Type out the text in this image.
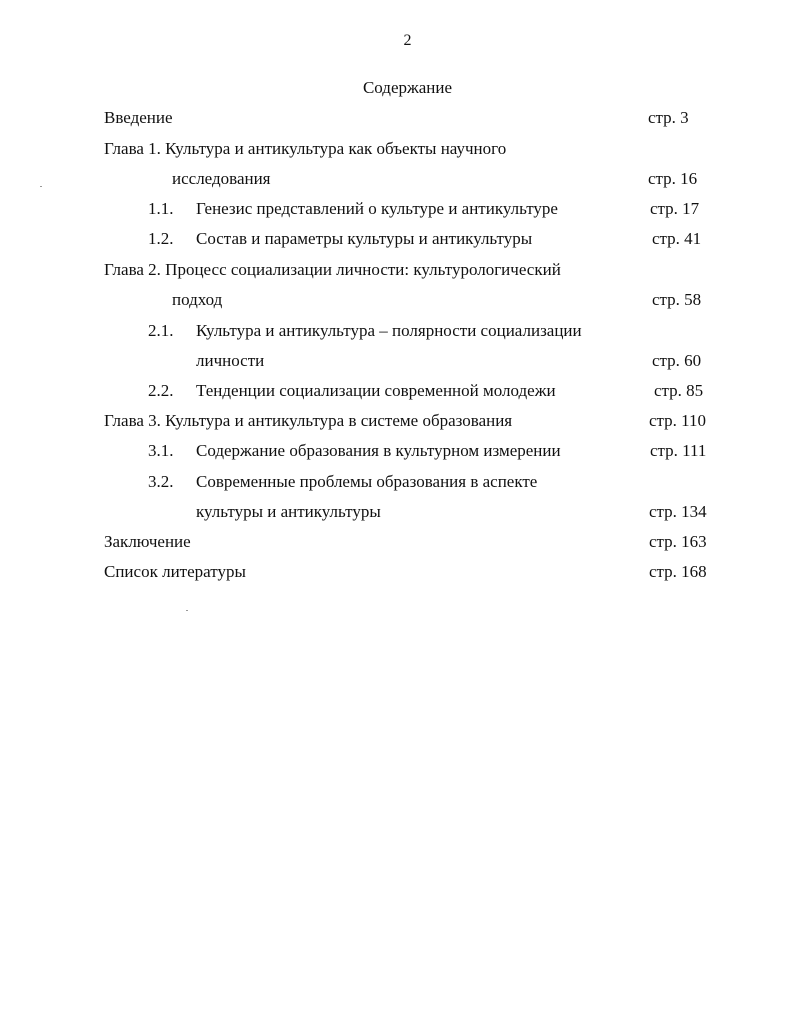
2
Содержание
Введение	стр. 3
Глава 1. Культура и антикультура как объекты научного
исследования	стр. 16
1.1. Генезис представлений о культуре и антикультуре	стр. 17
1.2. Состав и параметры культуры и антикультуры	стр. 41
Глава 2. Процесс социализации личности: культурологический
подход	стр. 58
2.1. Культура и антикультура – полярности социализации
личности	стр. 60
2.2. Тенденции социализации современной молодежи	стр. 85
Глава 3. Культура и антикультура в системе образования	стр. 110
3.1. Содержание образования в культурном измерении	стр. 111
3.2. Современные проблемы образования в аспекте
культуры и антикультуры	стр. 134
Заключение	стр. 163
Список литературы	стр. 168
